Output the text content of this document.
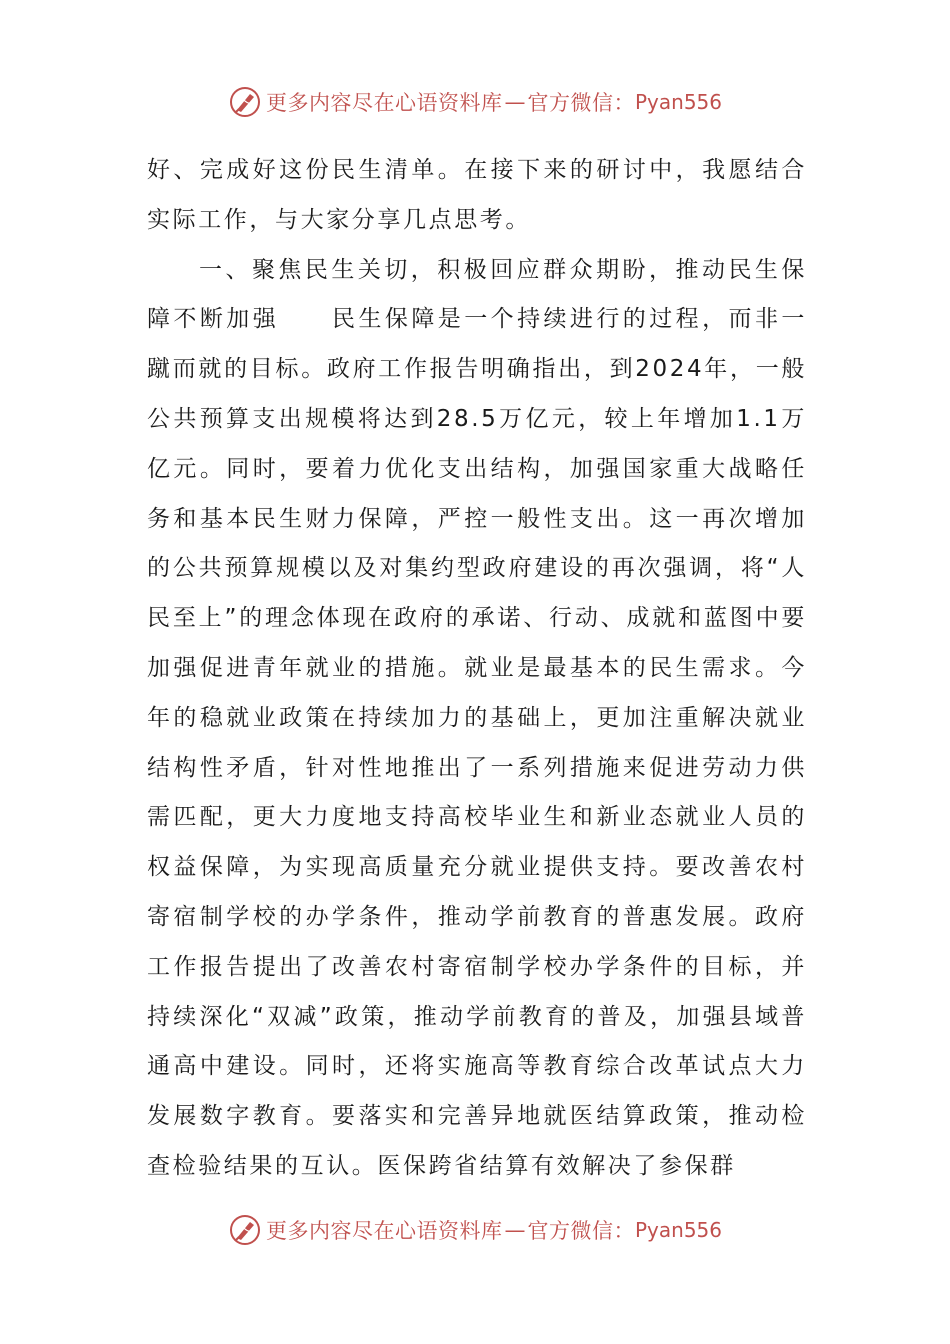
更多内容尽在心语资料库 — 官方微信： Pyan556

好、完成好这份民生清单。在接下来的研讨中，我愿结合实际工作，与大家分享几点思考。

一、聚焦民生关切，积极回应群众期盼，推动民生保障不断加强　　民生保障是一个持续进行的过程，而非一蹴而就的目标。政府工作报告明确指出，到2024年，一般公共预算支出规模将达到28.5万亿元，较上年增加1.1万亿元。同时，要着力优化支出结构，加强国家重大战略任务和基本民生财力保障，严控一般性支出。这一再次增加的公共预算规模以及对集约型政府建设的再次强调，将“人民至上”的理念体现在政府的承诺、行动、成就和蓝图中要加强促进青年就业的措施。就业是最基本的民生需求。今年的稳就业政策在持续加力的基础上，更加注重解决就业结构性矛盾，针对性地推出了一系列措施来促进劳动力供需匹配，更大力度地支持高校毕业生和新业态就业人员的权益保障，为实现高质量充分就业提供支持。要改善农村寄宿制学校的办学条件，推动学前教育的普惠发展。政府工作报告提出了改善农村寄宿制学校办学条件的目标，并持续深化“双减”政策，推动学前教育的普及，加强县域普通高中建设。同时，还将实施高等教育综合改革试点大力发展数字教育。要落实和完善异地就医结算政策，推动检查检验结果的互认。医保跨省结算有效解决了参保群

更多内容尽在心语资料库 — 官方微信： Pyan556
